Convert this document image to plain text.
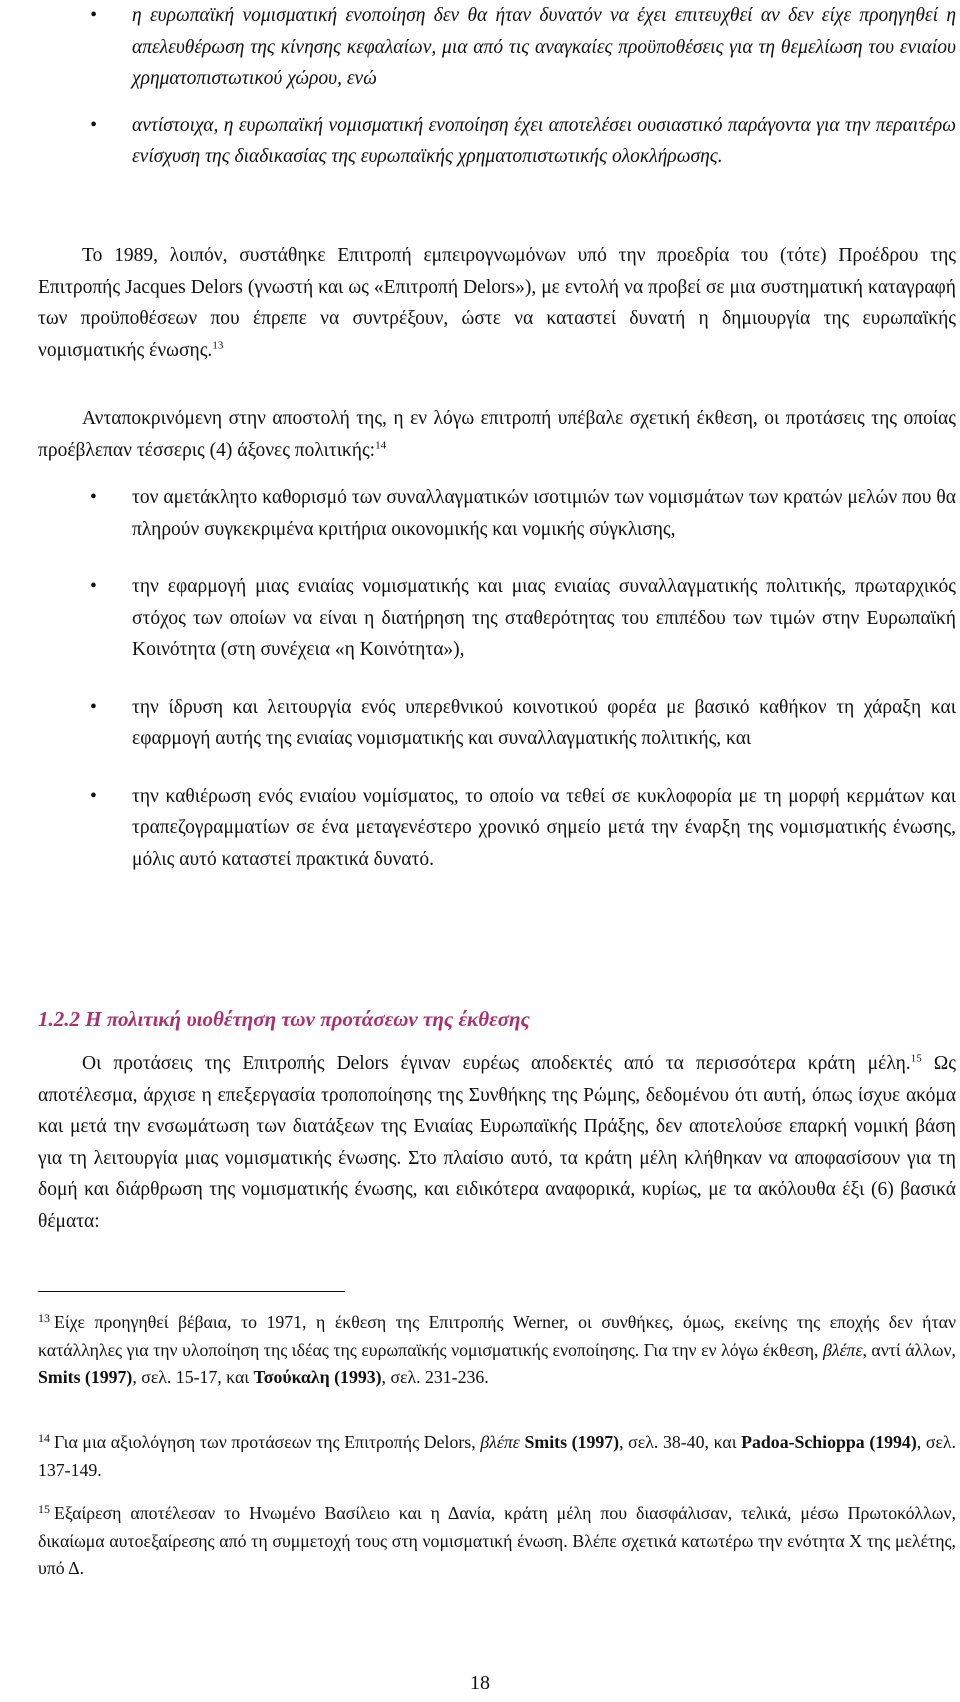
• η ευρωπαϊκή νομισματική ενοποίηση δεν θα ήταν δυνατόν να έχει επιτευχθεί αν δεν είχε προηγηθεί η απελευθέρωση της κίνησης κεφαλαίων, μια από τις αναγκαίες προϋποθέσεις για τη θεμελίωση του ενιαίου χρηματοπιστωτικού χώρου, ενώ
• αντίστοιχα, η ευρωπαϊκή νομισματική ενοποίηση έχει αποτελέσει ουσιαστικό παράγοντα για την περαιτέρω ενίσχυση της διαδικασίας της ευρωπαϊκής χρηματοπιστωτικής ολοκλήρωσης.

Το 1989, λοιπόν, συστάθηκε Επιτροπή εμπειρογνωμόνων υπό την προεδρία του (τότε) Προέδρου της Επιτροπής Jacques Delors (γνωστή και ως «Επιτροπή Delors»), με εντολή να προβεί σε μια συστηματική καταγραφή των προϋποθέσεων που έπρεπε να συντρέξουν, ώστε να καταστεί δυνατή η δημιουργία της ευρωπαϊκής νομισματικής ένωσης.$^{13}$

Ανταποκρινόμενη στην αποστολή της, η εν λόγω επιτροπή υπέβαλε σχετική έκθεση, οι προτάσεις της οποίας προέβλεπαν τέσσερις (4) άξονες πολιτικής:$^{14}$

• τον αμετάκλητο καθορισμό των συναλλαγματικών ισοτιμιών των νομισμάτων των κρατών μελών που θα πληρούν συγκεκριμένα κριτήρια οικονομικής και νομικής σύγκλισης,
• την εφαρμογή μιας ενιαίας νομισματικής και μιας ενιαίας συναλλαγματικής πολιτικής, πρωταρχικός στόχος των οποίων να είναι η διατήρηση της σταθερότητας του επιπέδου των τιμών στην Ευρωπαϊκή Κοινότητα (στη συνέχεια «η Κοινότητα»),
• την ίδρυση και λειτουργία ενός υπερεθνικού κοινοτικού φορέα με βασικό καθήκον τη χάραξη και εφαρμογή αυτής της ενιαίας νομισματικής και συναλλαγματικής πολιτικής, και
• την καθιέρωση ενός ενιαίου νομίσματος, το οποίο να τεθεί σε κυκλοφορία με τη μορφή κερμάτων και τραπεζογραμματίων σε ένα μεταγενέστερο χρονικό σημείο μετά την έναρξη της νομισματικής ένωσης, μόλις αυτό καταστεί πρακτικά δυνατό.
1.2.2 Η πολιτική υιοθέτηση των προτάσεων της έκθεσης

Οι προτάσεις της Επιτροπής Delors έγιναν ευρέως αποδεκτές από τα περισσότερα κράτη μέλη.$^{15}$ Ως αποτέλεσμα, άρχισε η επεξεργασία τροποποίησης της Συνθήκης της Ρώμης, δεδομένου ότι αυτή, όπως ίσχυε ακόμα και μετά την ενσωμάτωση των διατάξεων της Ενιαίας Ευρωπαϊκής Πράξης, δεν αποτελούσε επαρκή νομική βάση για τη λειτουργία μιας νομισματικής ένωσης. Στο πλαίσιο αυτό, τα κράτη μέλη κλήθηκαν να αποφασίσουν για τη δομή και διάρθρωση της νομισματικής ένωσης, και ειδικότερα αναφορικά, κυρίως, με τα ακόλουθα έξι (6) βασικά θέματα:

$^{13}$ Είχε προηγηθεί βέβαια, το 1971, η έκθεση της Επιτροπής Werner, οι συνθήκες, όμως, εκείνης της εποχής δεν ήταν κατάλληλες για την υλοποίηση της ιδέας της ευρωπαϊκής νομισματικής ενοποίησης. Για την εν λόγω έκθεση, βλέπε, αντί άλλων, Smits (1997), σελ. 15-17, και Τσούκαλη (1993), σελ. 231-236.

$^{14}$ Για μια αξιολόγηση των προτάσεων της Επιτροπής Delors, βλέπε Smits (1997), σελ. 38-40, και Padoa-Schioppa (1994), σελ. 137-149.

$^{15}$ Εξαίρεση αποτέλεσαν το Ηνωμένο Βασίλειο και η Δανία, κράτη μέλη που διασφάλισαν, τελικά, μέσω Πρωτοκόλλων, δικαίωμα αυτοεξαίρεσης από τη συμμετοχή τους στη νομισματική ένωση. Βλέπε σχετικά κατωτέρω την ενότητα Χ της μελέτης, υπό Δ.

18
